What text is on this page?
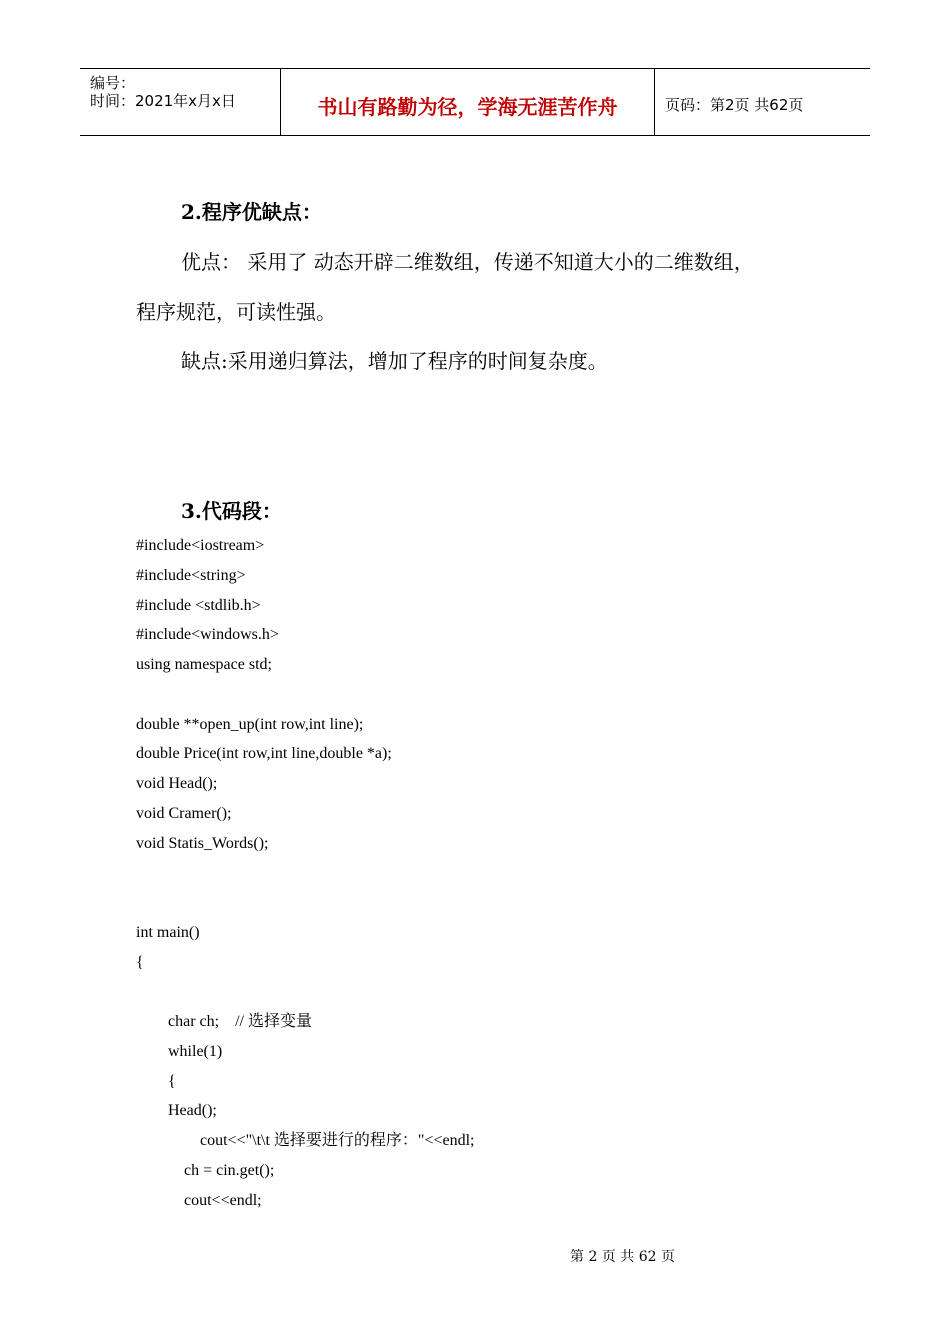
编号：
时间：2021年x月x日	书山有路勤为径，学海无涯苦作舟	页码：第2页 共62页
2.程序优缺点：
优点： 采用了 动态开辟二维数组，传递不知道大小的二维数组，
程序规范，可读性强。
缺点:采用递归算法，增加了程序的时间复杂度。
3.代码段：
#include<iostream>
#include<string>
#include <stdlib.h>
#include<windows.h>
using namespace std;
double **open_up(int row,int line);
double Price(int row,int line,double *a);
void Head();
void Cramer();
void Statis_Words();
int main()
{
char ch;    // 选择变量
while(1)
{
Head();
cout<<"\t\t 选择要进行的程序："<<endl;
ch = cin.get();
cout<<endl;
第 2 页 共 62 页
